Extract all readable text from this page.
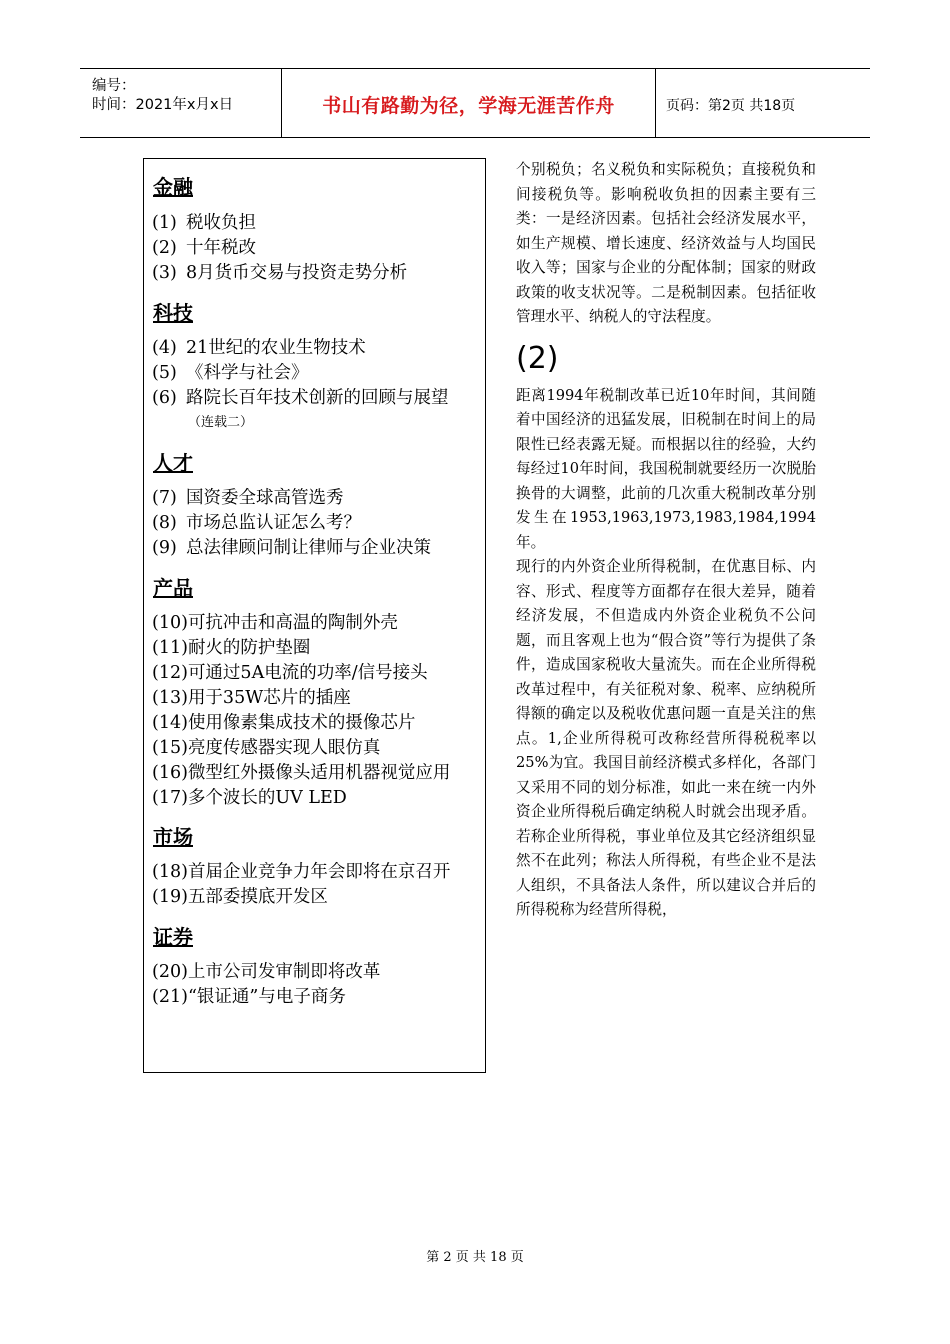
编号：
时间：2021年x月x日	书山有路勤为径，学海无涯苦作舟	页码：第2页 共18页
金融
(1) 税收负担
(2) 十年税改
(3) 8月货币交易与投资走势分析
科技
(4) 21世纪的农业生物技术
(5) 《科学与社会》
(6) 路院长百年技术创新的回顾与展望
（连载二）
人才
(7) 国资委全球高管选秀
(8) 市场总监认证怎么考？
(9) 总法律顾问制让律师与企业决策
产品
(10)可抗冲击和高温的陶制外壳
(11)耐火的防护垫圈
(12)可通过5A电流的功率/信号接头
(13)用于35W芯片的插座
(14)使用像素集成技术的摄像芯片
(15)亮度传感器实现人眼仿真
(16)微型红外摄像头适用机器视觉应用
(17)多个波长的UV LED
市场
(18)首届企业竞争力年会即将在京召开
(19)五部委摸底开发区
证券
(20)上市公司发审制即将改革
(21)“银证通”与电子商务

个别税负；名义税负和实际税负；直接税负和间接税负等。影响税收负担的因素主要有三类：一是经济因素。包括社会经济发展水平，如生产规模、增长速度、经济效益与人均国民收入等；国家与企业的分配体制；国家的财政政策的收支状况等。二是税制因素。包括征收管理水平、纳税人的守法程度。

(2)

距离1994年税制改革已近10年时间，其间随着中国经济的迅猛发展，旧税制在时间上的局限性已经表露无疑。而根据以往的经验，大约每经过10年时间，我国税制就要经历一次脱胎换骨的大调整，此前的几次重大税制改革分别发生在1953,1963,1973,1983,1984,1994年。

现行的内外资企业所得税制，在优惠目标、内容、形式、程度等方面都存在很大差异，随着经济发展，不但造成内外资企业税负不公问题，而且客观上也为“假合资”等行为提供了条件，造成国家税收大量流失。而在企业所得税改革过程中，有关征税对象、税率、应纳税所得额的确定以及税收优惠问题一直是关注的焦点。1,企业所得税可改称经营所得税税率以25%为宜。我国目前经济模式多样化，各部门又采用不同的划分标准，如此一来在统一内外资企业所得税后确定纳税人时就会出现矛盾。若称企业所得税，事业单位及其它经济组织显然不在此列；称法人所得税，有些企业不是法人组织，不具备法人条件，所以建议合并后的所得税称为经营所得税，

第 2 页 共 18 页
